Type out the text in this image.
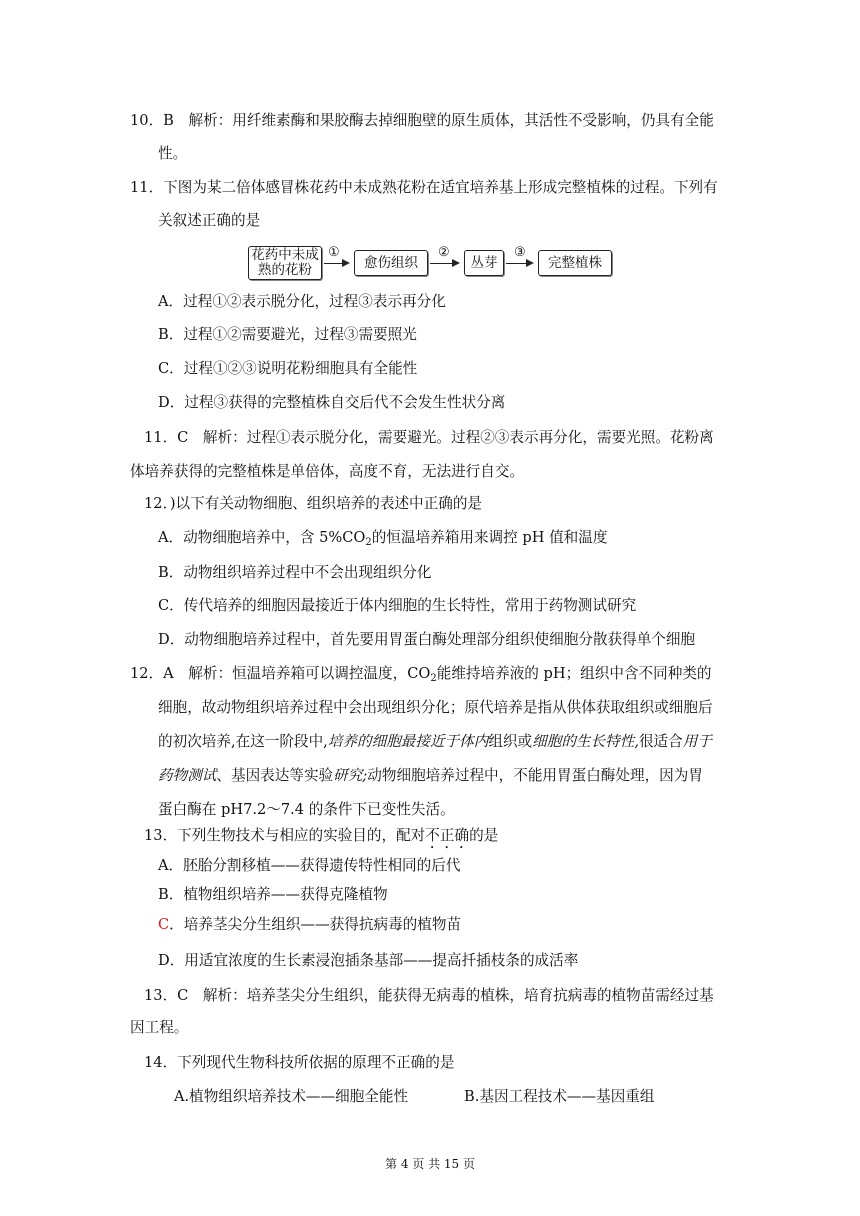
10．B　解析：用纤维素酶和果胶酶去掉细胞壁的原生质体，其活性不受影响，仍具有全能
性。
11．下图为某二倍体感冒株花药中未成熟花粉在适宜培养基上形成完整植株的过程。下列有
关叙述正确的是
花药中未成
熟的花粉
①
愈伤组织
②
丛芽
③
完整植株
A．过程①②表示脱分化，过程③表示再分化
B．过程①②需要避光，过程③需要照光
C．过程①②③说明花粉细胞具有全能性
D．过程③获得的完整植株自交后代不会发生性状分离
11．C　解析：过程①表示脱分化，需要避光。过程②③表示再分化，需要光照。花粉离
体培养获得的完整植株是单倍体，高度不育，无法进行自交。
12．)以下有关动物细胞、组织培养的表述中正确的是
A．动物细胞培养中，含 $5\%CO_2$的恒温培养箱用来调控 pH 值和温度
B．动物组织培养过程中不会出现组织分化
C．传代培养的细胞因最接近于体内细胞的生长特性，常用于药物测试研究
D．动物细胞培养过程中，首先要用胃蛋白酶处理部分组织使细胞分散获得单个细胞
12．A　解析：恒温培养箱可以调控温度，$CO_2$能维持培养液的 pH；组织中含不同种类的
细胞，故动物组织培养过程中会出现组织分化；原代培养是指从供体获取组织或细胞后
的初次培养,在这一阶段中,培养的细胞最接近于体内组织或细胞的生长特性,很适合用于
药物测试、基因表达等实验研究;动物细胞培养过程中，不能用胃蛋白酶处理，因为胃
蛋白酶在 pH7.2～7.4 的条件下已变性失活。
13．下列生物技术与相应的实验目的，配对不正确的是
A．胚胎分割移植——获得遗传特性相同的后代
B．植物组织培养——获得克隆植物
C．培养茎尖分生组织——获得抗病毒的植物苗
D．用适宜浓度的生长素浸泡插条基部——提高扦插枝条的成活率
13．C　解析：培养茎尖分生组织，能获得无病毒的植株，培育抗病毒的植物苗需经过基
因工程。
14．下列现代生物科技所依据的原理不正确的是
A.植物组织培养技术——细胞全能性	B.基因工程技术——基因重组
第 4 页 共 15 页
